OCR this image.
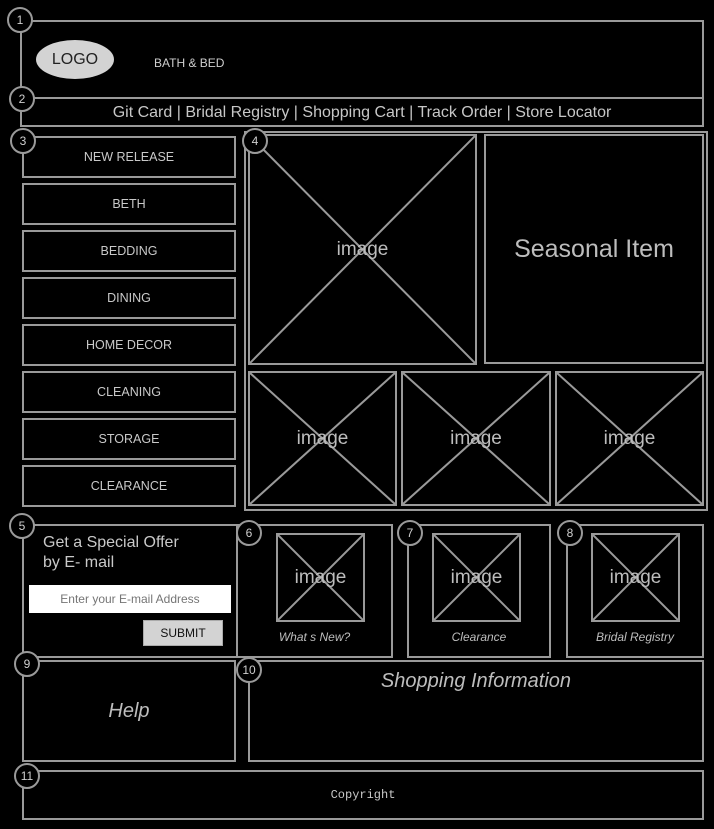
1
LOGO	BATH & BED
2
Git Card | Bridal Registry | Shopping Cart | Track Order | Store Locator
3
NEW RELEASE
BETH
BEDDING
DINING
HOME DECOR
CLEANING
STORAGE
CLEARANCE
4
image	Seasonal Item
image	image	image
5
Get a Special Offer
by E- mail
Enter your E-mail Address
SUBMIT
6
image
What s New?
7
image
Clearance
8
image
Bridal Registry
Help
9	10	Shopping Information
11
Copyright
